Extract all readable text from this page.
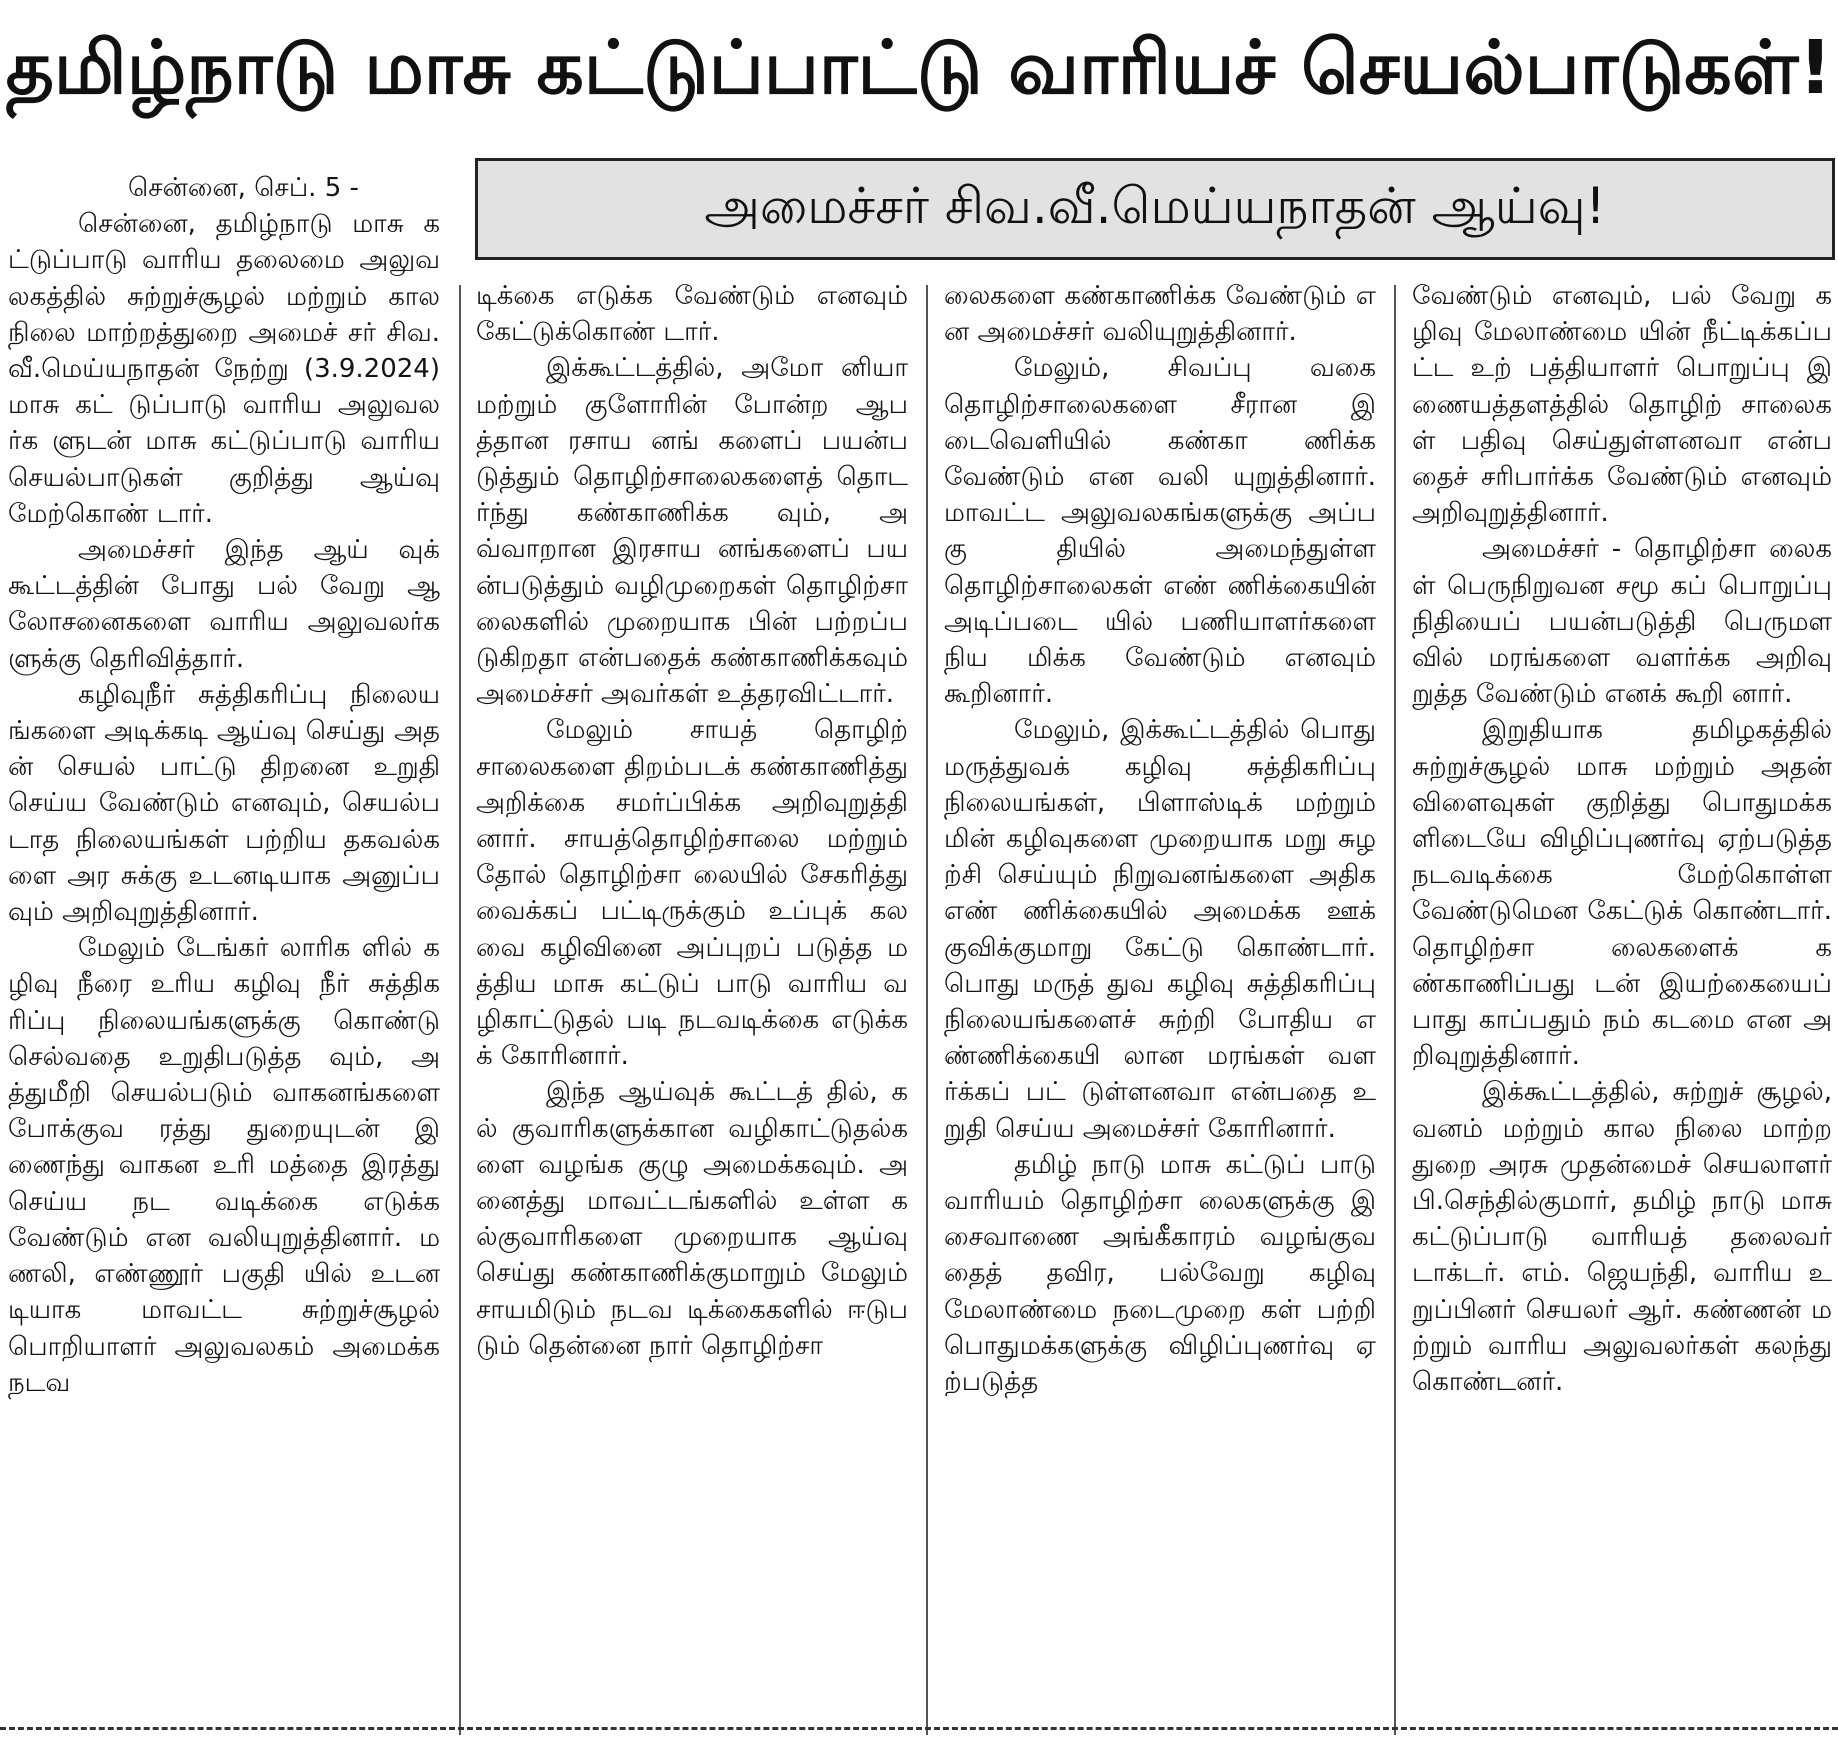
தமிழ்நாடு மாசு கட்டுப்பாட்டு வாரியச் செயல்பாடுகள்!
அமைச்சர் சிவ.வீ.மெய்யநாதன் ஆய்வு!

சென்னை, செப். 5 -

சென்னை, தமிழ்நாடு மாசு கட்டுப்பாடு வாரிய தலைமை அலுவலகத்தில் சுற்றுச்சூழல் மற்றும் கால நிலை மாற்றத்துறை அமைச் சர் சிவ.வீ.மெய்யநாதன் நேற்று (3.9.2024) மாசு கட் டுப்பாடு வாரிய அலுவலர்க ளுடன் மாசு கட்டுப்பாடு வாரிய செயல்பாடுகள் குறித்து ஆய்வு மேற்கொண் டார்.

அமைச்சர் இந்த ஆய் வுக் கூட்டத்தின் போது பல் வேறு ஆலோசனைகளை வாரிய அலுவலர்களுக்கு தெரிவித்தார்.

கழிவுநீர் சுத்திகரிப்பு நிலையங்களை அடிக்கடி ஆய்வு செய்து அதன் செயல் பாட்டு திறனை உறுதி செய்ய வேண்டும் எனவும், செயல்படாத நிலையங்கள் பற்றிய தகவல்களை அர சுக்கு உடனடியாக அனுப்ப வும் அறிவுறுத்தினார்.

மேலும் டேங்கர் லாரிக ளில் கழிவு நீரை உரிய கழிவு நீர் சுத்திகரிப்பு நிலையங்களுக்கு கொண்டு செல்வதை உறுதிபடுத்த வும், அத்துமீறி செயல்படும் வாகனங்களை போக்குவ ரத்து துறையுடன் இணைந்து வாகன உரி மத்தை இரத்து செய்ய நட வடிக்கை எடுக்க வேண்டும் என வலியுறுத்தினார். மணலி, எண்ணூர் பகுதி யில் உடனடியாக மாவட்ட சுற்றுச்சூழல் பொறியாளர் அலுவலகம் அமைக்க நடவ

டிக்கை எடுக்க வேண்டும் எனவும் கேட்டுக்கொண் டார்.

இக்கூட்டத்தில், அமோ னியா மற்றும் குளோரின் போன்ற ஆபத்தான ரசாய னங் களைப் பயன்படுத்தும் தொழிற்சாலைகளைத் தொடர்ந்து கண்காணிக்க வும், அவ்வாறான இரசாய னங்களைப் பயன்படுத்தும் வழிமுறைகள் தொழிற்சா லைகளில் முறையாக பின் பற்றப்படுகிறதா என்பதைக் கண்காணிக்கவும் அமைச்சர் அவர்கள் உத்தரவிட்டார்.

மேலும் சாயத் தொழிற் சாலைகளை திறம்படக் கண்காணித்து அறிக்கை சமர்ப்பிக்க அறிவுறுத்தி னார். சாயத்தொழிற்சாலை மற்றும் தோல் தொழிற்சா லையில் சேகரித்து வைக்கப் பட்டிருக்கும் உப்புக் கலவை கழிவினை அப்புறப் படுத்த மத்திய மாசு கட்டுப் பாடு வாரிய வழிகாட்டுதல் படி நடவடிக்கை எடுக்கக் கோரினார்.

இந்த ஆய்வுக் கூட்டத் தில், கல் குவாரிகளுக்கான வழிகாட்டுதல்களை வழங்க குழு அமைக்கவும். அனைத்து மாவட்டங்களில் உள்ள கல்குவாரிகளை முறையாக ஆய்வு செய்து கண்காணிக்குமாறும் மேலும் சாயமிடும் நடவ டிக்கைகளில் ஈடுபடும் தென்னை நார் தொழிற்சா

லைகளை கண்காணிக்க வேண்டும் என அமைச்சர் வலியுறுத்தினார்.

மேலும், சிவப்பு வகை தொழிற்சாலைகளை சீரான இடைவெளியில் கண்கா ணிக்க வேண்டும் என வலி யுறுத்தினார். மாவட்ட அலுவலகங்களுக்கு அப்பகு தியில் அமைந்துள்ள தொழிற்சாலைகள் எண் ணிக்கையின் அடிப்படை யில் பணியாளர்களை நிய மிக்க வேண்டும் எனவும் கூறினார்.

மேலும், இக்கூட்டத்தில் பொது மருத்துவக் கழிவு சுத்திகரிப்பு நிலையங்கள், பிளாஸ்டிக் மற்றும் மின் கழிவுகளை முறையாக மறு சுழற்சி செய்யும் நிறுவனங்களை அதிக எண் ணிக்கையில் அமைக்க ஊக் குவிக்குமாறு கேட்டு கொண்டார். பொது மருத் துவ கழிவு சுத்திகரிப்பு நிலையங்களைச் சுற்றி போதிய எண்ணிக்கையி லான மரங்கள் வளர்க்கப் பட் டுள்ளனவா என்பதை உறுதி செய்ய அமைச்சர் கோரினார்.

தமிழ் நாடு மாசு கட்டுப் பாடு வாரியம் தொழிற்சா லைகளுக்கு இசைவாணை அங்கீகாரம் வழங்குவதைத் தவிர, பல்வேறு கழிவு மேலாண்மை நடைமுறை கள் பற்றி பொதுமக்களுக்கு விழிப்புணர்வு ஏற்படுத்த

வேண்டும் எனவும், பல் வேறு கழிவு மேலாண்மை யின் நீட்டிக்கப்பட்ட உற் பத்தியாளர் பொறுப்பு இணையத்தளத்தில் தொழிற் சாலைகள் பதிவு செய்துள்ளனவா என்ப தைச் சரிபார்க்க வேண்டும் எனவும் அறிவுறுத்தினார்.

அமைச்சர் - தொழிற்சா லைகள் பெருநிறுவன சமூ கப் பொறுப்பு நிதியைப் பயன்படுத்தி பெருமளவில் மரங்களை வளர்க்க அறிவு றுத்த வேண்டும் எனக் கூறி னார்.

இறுதியாக தமிழகத்தில் சுற்றுச்சூழல் மாசு மற்றும் அதன் விளைவுகள் குறித்து பொதுமக்களிடையே விழிப்புணர்வு ஏற்படுத்த நடவடிக்கை மேற்கொள்ள வேண்டுமென கேட்டுக் கொண்டார். தொழிற்சா லைகளைக் கண்காணிப்பது டன் இயற்கையைப் பாது காப்பதும் நம் கடமை என அறிவுறுத்தினார்.

இக்கூட்டத்தில், சுற்றுச் சூழல், வனம் மற்றும் கால நிலை மாற்ற துறை அரசு முதன்மைச் செயலாளர் பி.செந்தில்குமார், தமிழ் நாடு மாசு கட்டுப்பாடு வாரியத் தலைவர் டாக்டர். எம். ஜெயந்தி, வாரிய உறுப்பினர் செயலர் ஆர். கண்ணன் மற்றும் வாரிய அலுவலர்கள் கலந்து கொண்டனர்.
